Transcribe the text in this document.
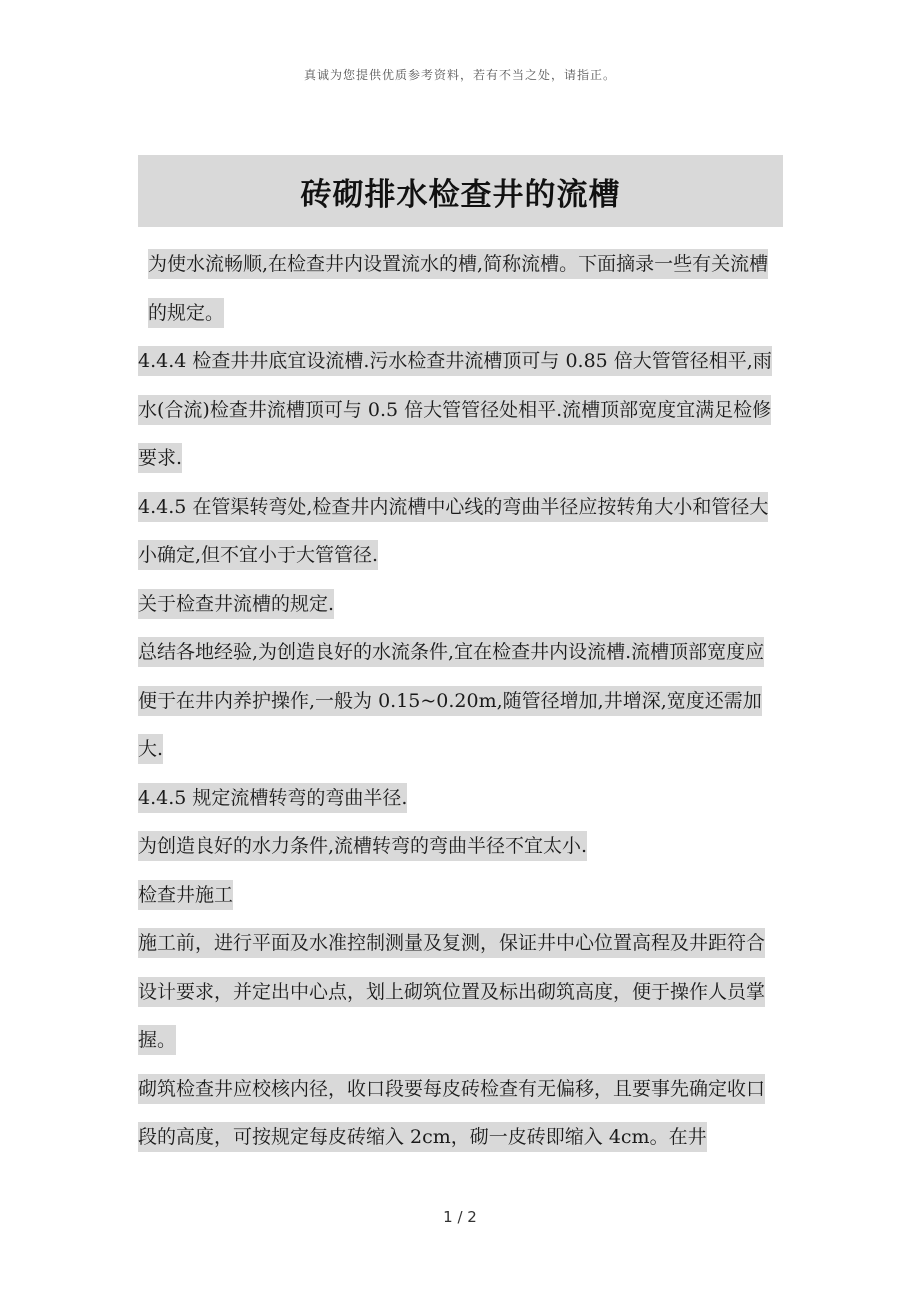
真诚为您提供优质参考资料，若有不当之处，请指正。
砖砌排水检查井的流槽

为使水流畅顺,在检查井内设置流水的槽,简称流槽。下面摘录一些有关流槽的规定。

4.4.4 检查井井底宜设流槽.污水检查井流槽顶可与 0.85 倍大管管径相平,雨水(合流)检查井流槽顶可与 0.5 倍大管管径处相平.流槽顶部宽度宜满足检修要求.

4.4.5 在管渠转弯处,检查井内流槽中心线的弯曲半径应按转角大小和管径大小确定,但不宜小于大管管径.

关于检查井流槽的规定.

总结各地经验,为创造良好的水流条件,宜在检查井内设流槽.流槽顶部宽度应便于在井内养护操作,一般为 0.15~0.20m,随管径增加,井增深,宽度还需加大.

4.4.5 规定流槽转弯的弯曲半径.

为创造良好的水力条件,流槽转弯的弯曲半径不宜太小.

检查井施工

施工前，进行平面及水准控制测量及复测，保证井中心位置高程及井距符合设计要求，并定出中心点，划上砌筑位置及标出砌筑高度，便于操作人员掌握。

砌筑检查井应校核内径，收口段要每皮砖检查有无偏移，且要事先确定收口段的高度，可按规定每皮砖缩入 2cm，砌一皮砖即缩入 4cm。在井

1 / 2
